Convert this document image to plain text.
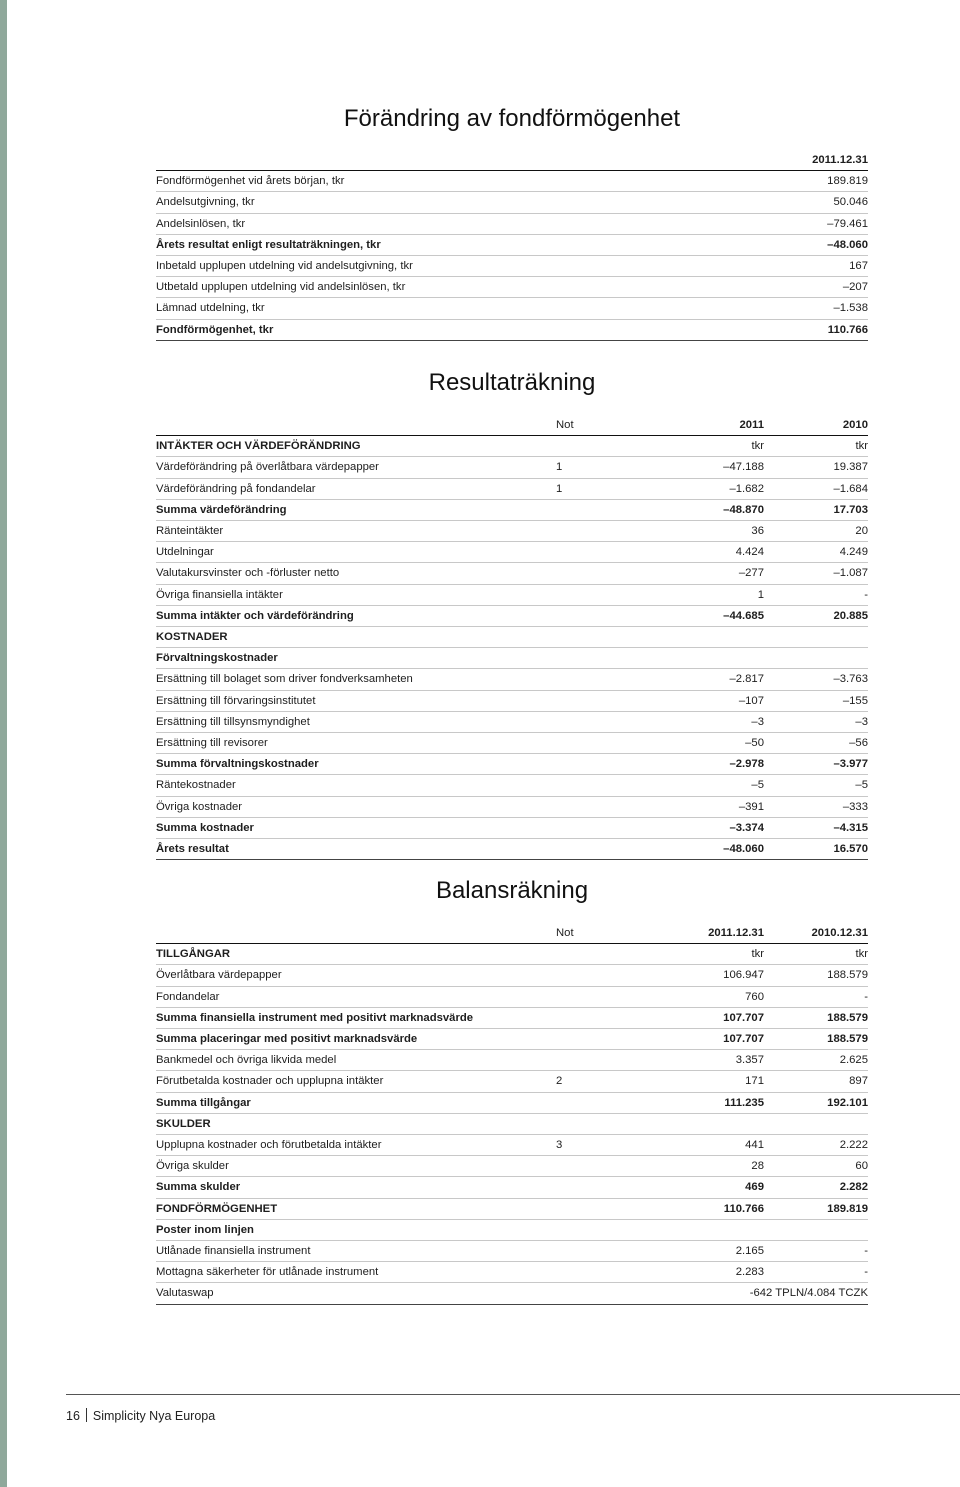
Förändring av fondförmögenhet
	2011.12.31
Fondförmögenhet vid årets början, tkr	189.819
Andelsutgivning, tkr	50.046
Andelsinlösen, tkr	–79.461
Årets resultat enligt resultaträkningen, tkr	–48.060
Inbetald upplupen utdelning vid andelsutgivning, tkr	167
Utbetald upplupen utdelning vid andelsinlösen, tkr	–207
Lämnad utdelning, tkr	–1.538
Fondförmögenhet, tkr	110.766
Resultaträkning
	Not	2011	2010
INTÄKTER OCH VÄRDEFÖRÄNDRING		tkr	tkr
Värdeförändring på överlåtbara värdepapper	1	–47.188	19.387
Värdeförändring på fondandelar	1	–1.682	–1.684
Summa värdeförändring		–48.870	17.703
Ränteintäkter		36	20
Utdelningar		4.424	4.249
Valutakursvinster och -förluster netto		–277	–1.087
Övriga finansiella intäkter		1	-
Summa intäkter och värdeförändring		–44.685	20.885
KOSTNADER			
Förvaltningskostnader			
Ersättning till bolaget som driver fondverksamheten		–2.817	–3.763
Ersättning till förvaringsinstitutet		–107	–155
Ersättning till tillsynsmyndighet		–3	–3
Ersättning till revisorer		–50	–56
Summa förvaltningskostnader		–2.978	–3.977
Räntekostnader		–5	–5
Övriga kostnader		–391	–333
Summa kostnader		–3.374	–4.315
Årets resultat		–48.060	16.570
Balansräkning
	Not	2011.12.31	2010.12.31
TILLGÅNGAR		tkr	tkr
Överlåtbara värdepapper		106.947	188.579
Fondandelar		760	-
Summa finansiella instrument med positivt marknadsvärde		107.707	188.579
Summa placeringar med positivt marknadsvärde		107.707	188.579
Bankmedel och övriga likvida medel		3.357	2.625
Förutbetalda kostnader och upplupna intäkter	2	171	897
Summa tillgångar		111.235	192.101
SKULDER			
Upplupna kostnader och förutbetalda intäkter	3	441	2.222
Övriga skulder		28	60
Summa skulder		469	2.282
FONDFÖRMÖGENHET		110.766	189.819
Poster inom linjen			
Utlånade finansiella instrument		2.165	-
Mottagna säkerheter för utlånade instrument		2.283	-
Valutaswap		-642 TPLN/4.084 TCZK	
16 Simplicity Nya Europa
